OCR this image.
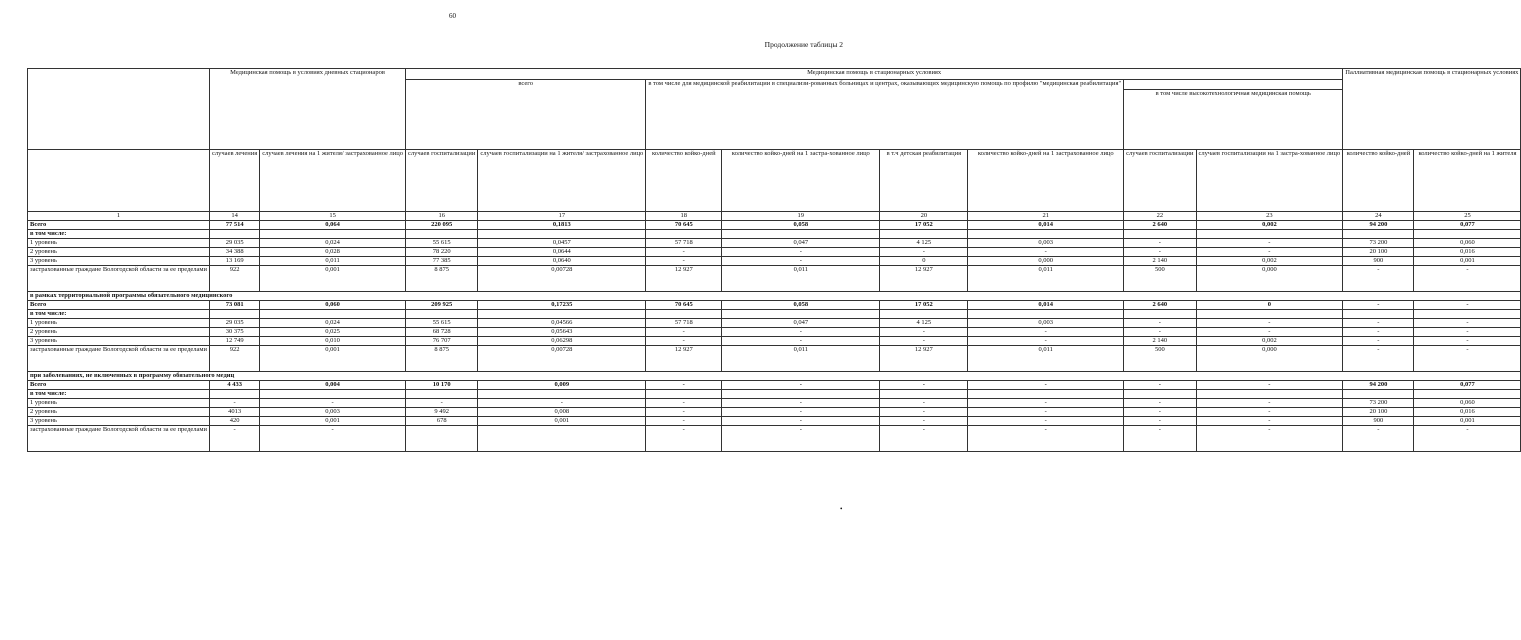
60
Продолжение таблицы 2
	Медицинская помощь в условиях дневных стационаров		Медицинская помощь в стационарных условиях								Паллиативная медицинская помощь в стационарных условиях	
			всего		в том числе для медицинской реабилитации в специализи-рованных больницах и центрах, оказывающих медицинскую помощь по профилю "медицинская реабилитация"							
									в том числе высокотехнологичная медицинская помощь			
	случаев лечения	случаев лечения на 1 жителя/ застрахованное лицо	случаев госпитализации	случаев госпитализации на 1 жителя/ застрахованное лицо	количество койко-дней	количество койко-дней на 1 застра-хованное лицо	в т.ч детская реабилитация	количество койко-дней на 1 застрахованное лицо	случаев госпитализации	случаев госпитализации на 1 застра-хованное лицо	количество койко-дней	количество койко-дней на 1 жителя
1	14	15	16	17	18	19	20	21	22	23	24	25
Всего	77 514	0,064	220 095	0,1813	70 645	0,058	17 052	0,014	2 640	0,002	94 200	0,077
в том числе:												
1 уровень	29 035	0,024	55 615	0,0457	57 718	0,047	4 125	0,003	-	-	73 200	0,060
2 уровень	34 388	0,028	78 220	0,0644	-	-	-	-	-	-	20 100	0,016
3 уровень	13 169	0,011	77 385	0,0640	-	-	0	0,000	2 140	0,002	900	0,001
застрахованные граждане Вологодской области за ее пределами	922	0,001	8 875	0,00728	12 927	0,011	12 927	0,011	500	0,000	-	-
в рамках территориальной программы обязательного медицинского												
Всего	73 081	0,060	209 925	0,17235	70 645	0,058	17 052	0,014	2 640	0	-	-
в том числе:												
1 уровень	29 035	0,024	55 615	0,04566	57 718	0,047	4 125	0,003	-	-	-	-
2 уровень	30 375	0,025	68 728	0,05643	-	-	-	-	-	-	-	-
3 уровень	12 749	0,010	76 707	0,06298	-	-	-	-	2 140	0,002	-	-
застрахованные граждане Вологодской области за ее пределами	922	0,001	8 875	0,00728	12 927	0,011	12 927	0,011	500	0,000	-	-
при заболеваниях, не включенных в программу обязательного медиц												
Всего	4 433	0,004	10 170	0,009	-	-	-	-	-	-	94 200	0,077
в том числе:												
1 уровень	-	-	-	-	-	-	-	-	-	-	73 200	0,060
2 уровень	4013	0,003	9 492	0,008	-	-	-	-	-	-	20 100	0,016
3 уровень	420	0,001	678	0,001	-	-	-	-	-	-	900	0,001
застрахованные граждане Вологодской области за ее пределами	-	-			-	-	-	-	-	-	-	-
•
